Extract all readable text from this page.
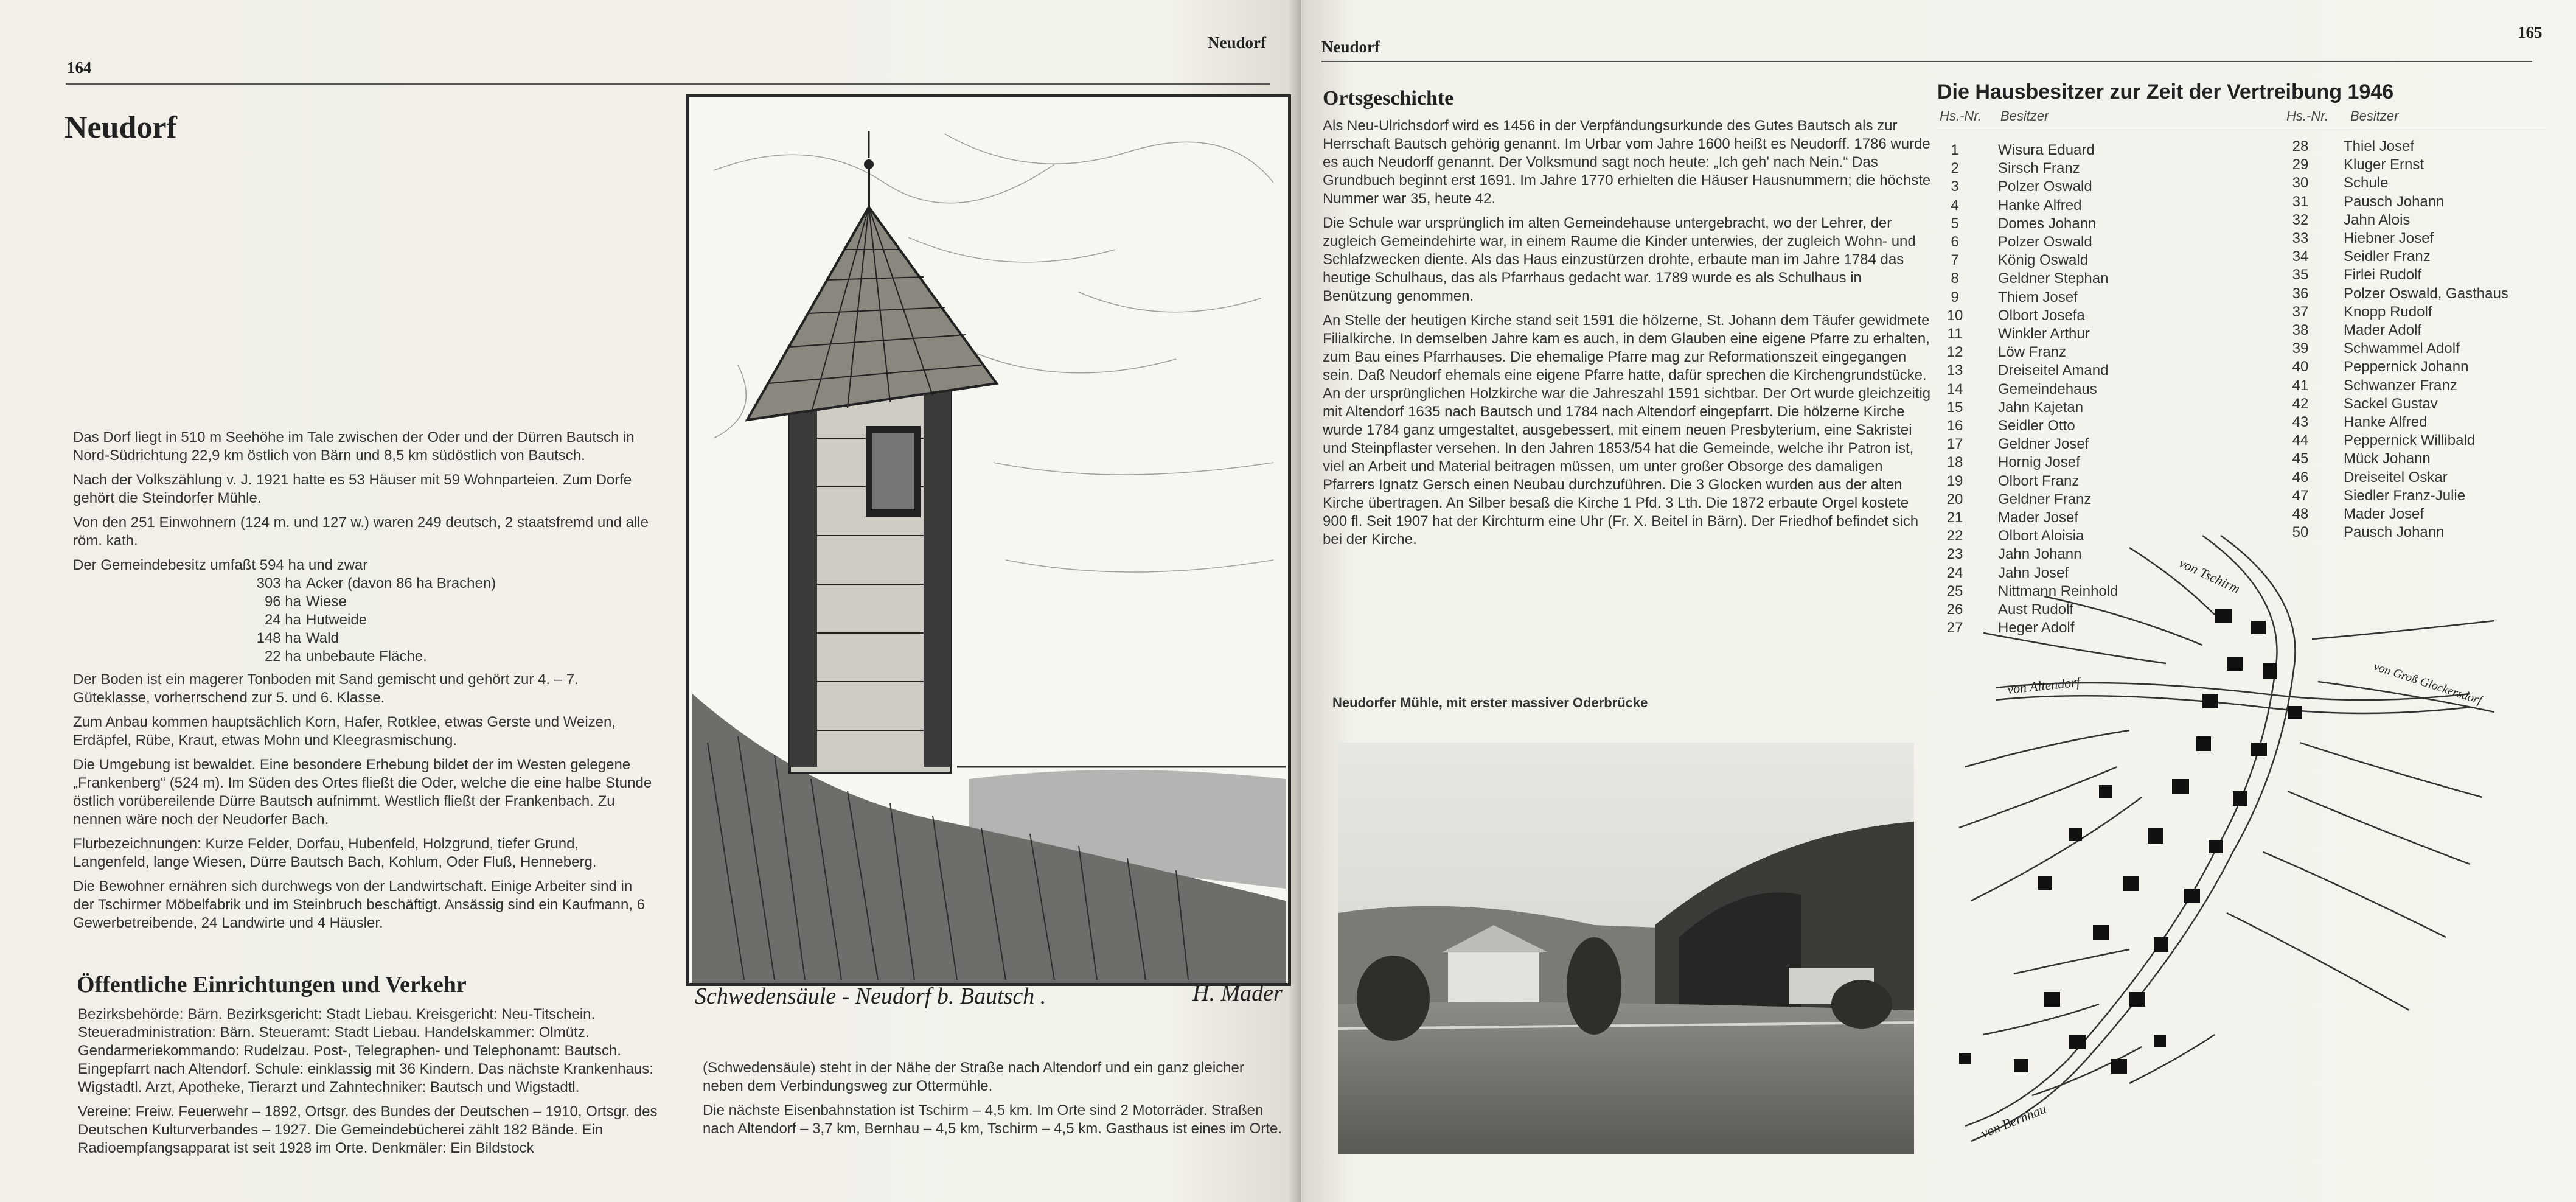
164
Neudorf
Neudorf

Das Dorf liegt in 510 m Seehöhe im Tale zwischen der Oder und der Dürren Bautsch in Nord-Südrichtung 22,9 km östlich von Bärn und 8,5 km südöstlich von Bautsch.

Nach der Volkszählung v. J. 1921 hatte es 53 Häuser mit 59 Wohnparteien. Zum Dorfe gehört die Steindorfer Mühle.

Von den 251 Einwohnern (124 m. und 127 w.) waren 249 deutsch, 2 staatsfremd und alle röm. kath.

Der Gemeindebesitz umfaßt 594 ha und zwar

303 ha	Acker (davon 86 ha Brachen)
96 ha	Wiese
24 ha	Hutweide
148 ha	Wald
22 ha	unbebaute Fläche.

Der Boden ist ein magerer Tonboden mit Sand gemischt und gehört zur 4. – 7. Güteklasse, vorherrschend zur 5. und 6. Klasse.

Zum Anbau kommen hauptsächlich Korn, Hafer, Rotklee, etwas Gerste und Weizen, Erdäpfel, Rübe, Kraut, etwas Mohn und Kleegrasmischung.

Die Umgebung ist bewaldet. Eine besondere Erhebung bildet der im Westen gelegene „Frankenberg“ (524 m). Im Süden des Ortes fließt die Oder, welche die eine halbe Stunde östlich vorübereilende Dürre Bautsch aufnimmt. Westlich fließt der Frankenbach. Zu nennen wäre noch der Neudorfer Bach.

Flurbezeichnungen: Kurze Felder, Dorfau, Hubenfeld, Holzgrund, tiefer Grund, Langenfeld, lange Wiesen, Dürre Bautsch Bach, Kohlum, Oder Fluß, Henneberg.

Die Bewohner ernähren sich durchwegs von der Landwirtschaft. Einige Arbeiter sind in der Tschirmer Möbelfabrik und im Steinbruch beschäftigt. Ansässig sind ein Kaufmann, 6 Gewerbetreibende, 24 Landwirte und 4 Häusler.

Öffentliche Einrichtungen und Verkehr

Bezirksbehörde: Bärn. Bezirksgericht: Stadt Liebau. Kreisgericht: Neu-Titschein. Steueradministration: Bärn. Steueramt: Stadt Liebau. Handelskammer: Olmütz. Gendarmeriekommando: Rudelzau. Post-, Telegraphen- und Telephonamt: Bautsch. Eingepfarrt nach Altendorf. Schule: einklassig mit 36 Kindern. Das nächste Krankenhaus: Wigstadtl. Arzt, Apotheke, Tierarzt und Zahntechniker: Bautsch und Wigstadtl.

Vereine: Freiw. Feuerwehr – 1892, Ortsgr. des Bundes der Deutschen – 1910, Ortsgr. des Deutschen Kulturverbandes – 1927. Die Gemeindebücherei zählt 182 Bände. Ein Radioempfangsapparat ist seit 1928 im Orte. Denkmäler: Ein Bildstock

Schwedensäule - Neudorf b. Bautsch .	H. Mader

(Schwedensäule) steht in der Nähe der Straße nach Altendorf und ein ganz gleicher neben dem Verbindungsweg zur Ottermühle.

Die nächste Eisenbahnstation ist Tschirm – 4,5 km. Im Orte sind 2 Motorräder. Straßen nach Altendorf – 3,7 km, Bernhau – 4,5 km, Tschirm – 4,5 km. Gasthaus ist eines im Orte.

Neudorf
165
Ortsgeschichte

Als Neu-Ulrichsdorf wird es 1456 in der Verpfändungsurkunde des Gutes Bautsch als zur Herrschaft Bautsch gehörig genannt. Im Urbar vom Jahre 1600 heißt es Neudorff. 1786 wurde es auch Neudorff genannt. Der Volksmund sagt noch heute: „Ich geh' nach Nein.“ Das Grundbuch beginnt erst 1691. Im Jahre 1770 erhielten die Häuser Hausnummern; die höchste Nummer war 35, heute 42.

Die Schule war ursprünglich im alten Gemeindehause untergebracht, wo der Lehrer, der zugleich Gemeindehirte war, in einem Raume die Kinder unterwies, der zugleich Wohn- und Schlafzwecken diente. Als das Haus einzustürzen drohte, erbaute man im Jahre 1784 das heutige Schulhaus, das als Pfarrhaus gedacht war. 1789 wurde es als Schulhaus in Benützung genommen.

An Stelle der heutigen Kirche stand seit 1591 die hölzerne, St. Johann dem Täufer gewidmete Filialkirche. In demselben Jahre kam es auch, in dem Glauben eine eigene Pfarre zu erhalten, zum Bau eines Pfarrhauses. Die ehemalige Pfarre mag zur Reformationszeit eingegangen sein. Daß Neudorf ehemals eine eigene Pfarre hatte, dafür sprechen die Kirchengrundstücke. An der ursprünglichen Holzkirche war die Jahreszahl 1591 sichtbar. Der Ort wurde gleichzeitig mit Altendorf 1635 nach Bautsch und 1784 nach Altendorf eingepfarrt. Die hölzerne Kirche wurde 1784 ganz umgestaltet, ausgebessert, mit einem neuen Presbyterium, eine Sakristei und Steinpflaster versehen. In den Jahren 1853/54 hat die Gemeinde, welche ihr Patron ist, viel an Arbeit und Material beitragen müssen, um unter großer Obsorge des damaligen Pfarrers Ignatz Gersch einen Neubau durchzuführen. Die 3 Glocken wurden aus der alten Kirche übertragen. An Silber besaß die Kirche 1 Pfd. 3 Lth. Die 1872 erbaute Orgel kostete 900 fl. Seit 1907 hat der Kirchturm eine Uhr (Fr. X. Beitel in Bärn). Der Friedhof befindet sich bei der Kirche.

Neudorfer Mühle, mit erster massiver Oderbrücke
Die Hausbesitzer zur Zeit der Vertreibung 1946
Hs.-Nr. Besitzer	Hs.-Nr. Besitzer
1	Wisura Eduard
2	Sirsch Franz
3	Polzer Oswald
4	Hanke Alfred
5	Domes Johann
6	Polzer Oswald
7	König Oswald
8	Geldner Stephan
9	Thiem Josef
10	Olbort Josefa
11	Winkler Arthur
12	Löw Franz
13	Dreiseitel Amand
14	Gemeindehaus
15	Jahn Kajetan
16	Seidler Otto
17	Geldner Josef
18	Hornig Josef
19	Olbort Franz
20	Geldner Franz
21	Mader Josef
22	Olbort Aloisia
23	Jahn Johann
24	Jahn Josef
25	Nittmann Reinhold
26	Aust Rudolf
27	Heger Adolf
28	Thiel Josef
29	Kluger Ernst
30	Schule
31	Pausch Johann
32	Jahn Alois
33	Hiebner Josef
34	Seidler Franz
35	Firlei Rudolf
36	Polzer Oswald, Gasthaus
37	Knopp Rudolf
38	Mader Adolf
39	Schwammel Adolf
40	Peppernick Johann
41	Schwanzer Franz
42	Sackel Gustav
43	Hanke Alfred
44	Peppernick Willibald
45	Mück Johann
46	Dreiseitel Oskar
47	Siedler Franz-Julie
48	Mader Josef
50	Pausch Johann
von Tschirm
von Altendorf	von Groß Glockersdorf
von Bernhau
